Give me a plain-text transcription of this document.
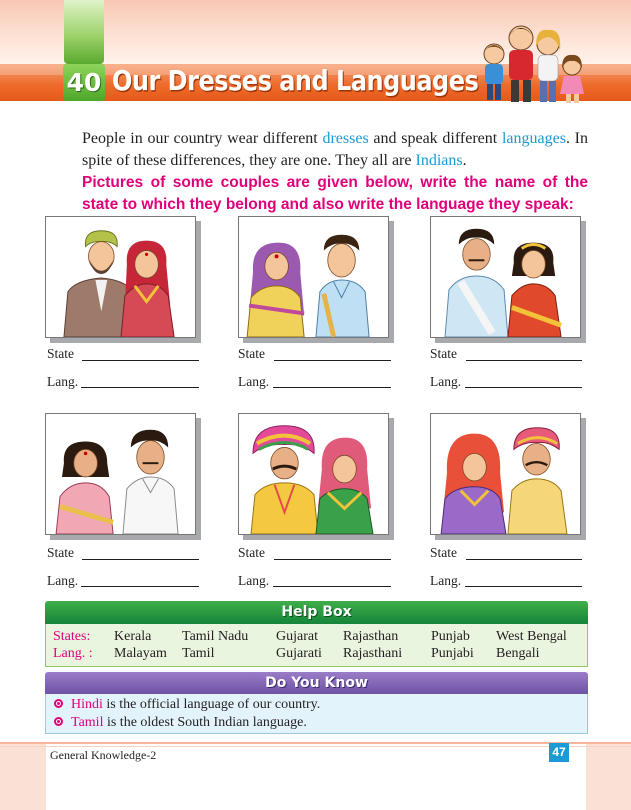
40 Our Dresses and Languages

People in our country wear different dresses and speak different languages. In spite of these differences, they are one. They all are Indians.

Pictures of some couples are given below, write the name of the state to which they belong and also write the language they speak:

State
Lang.
State
Lang.
State
Lang.
State
Lang.
State
Lang.
State
Lang.
Help Box
States: Kerala Tamil Nadu Gujarat Rajasthan Punjab West Bengal
Lang. : Malayam Tamil	Gujarati Rajasthani Punjabi Bengali
Do You Know
Hindi is the official language of our country.
Tamil is the oldest South Indian language.
General Knowledge-2	47
